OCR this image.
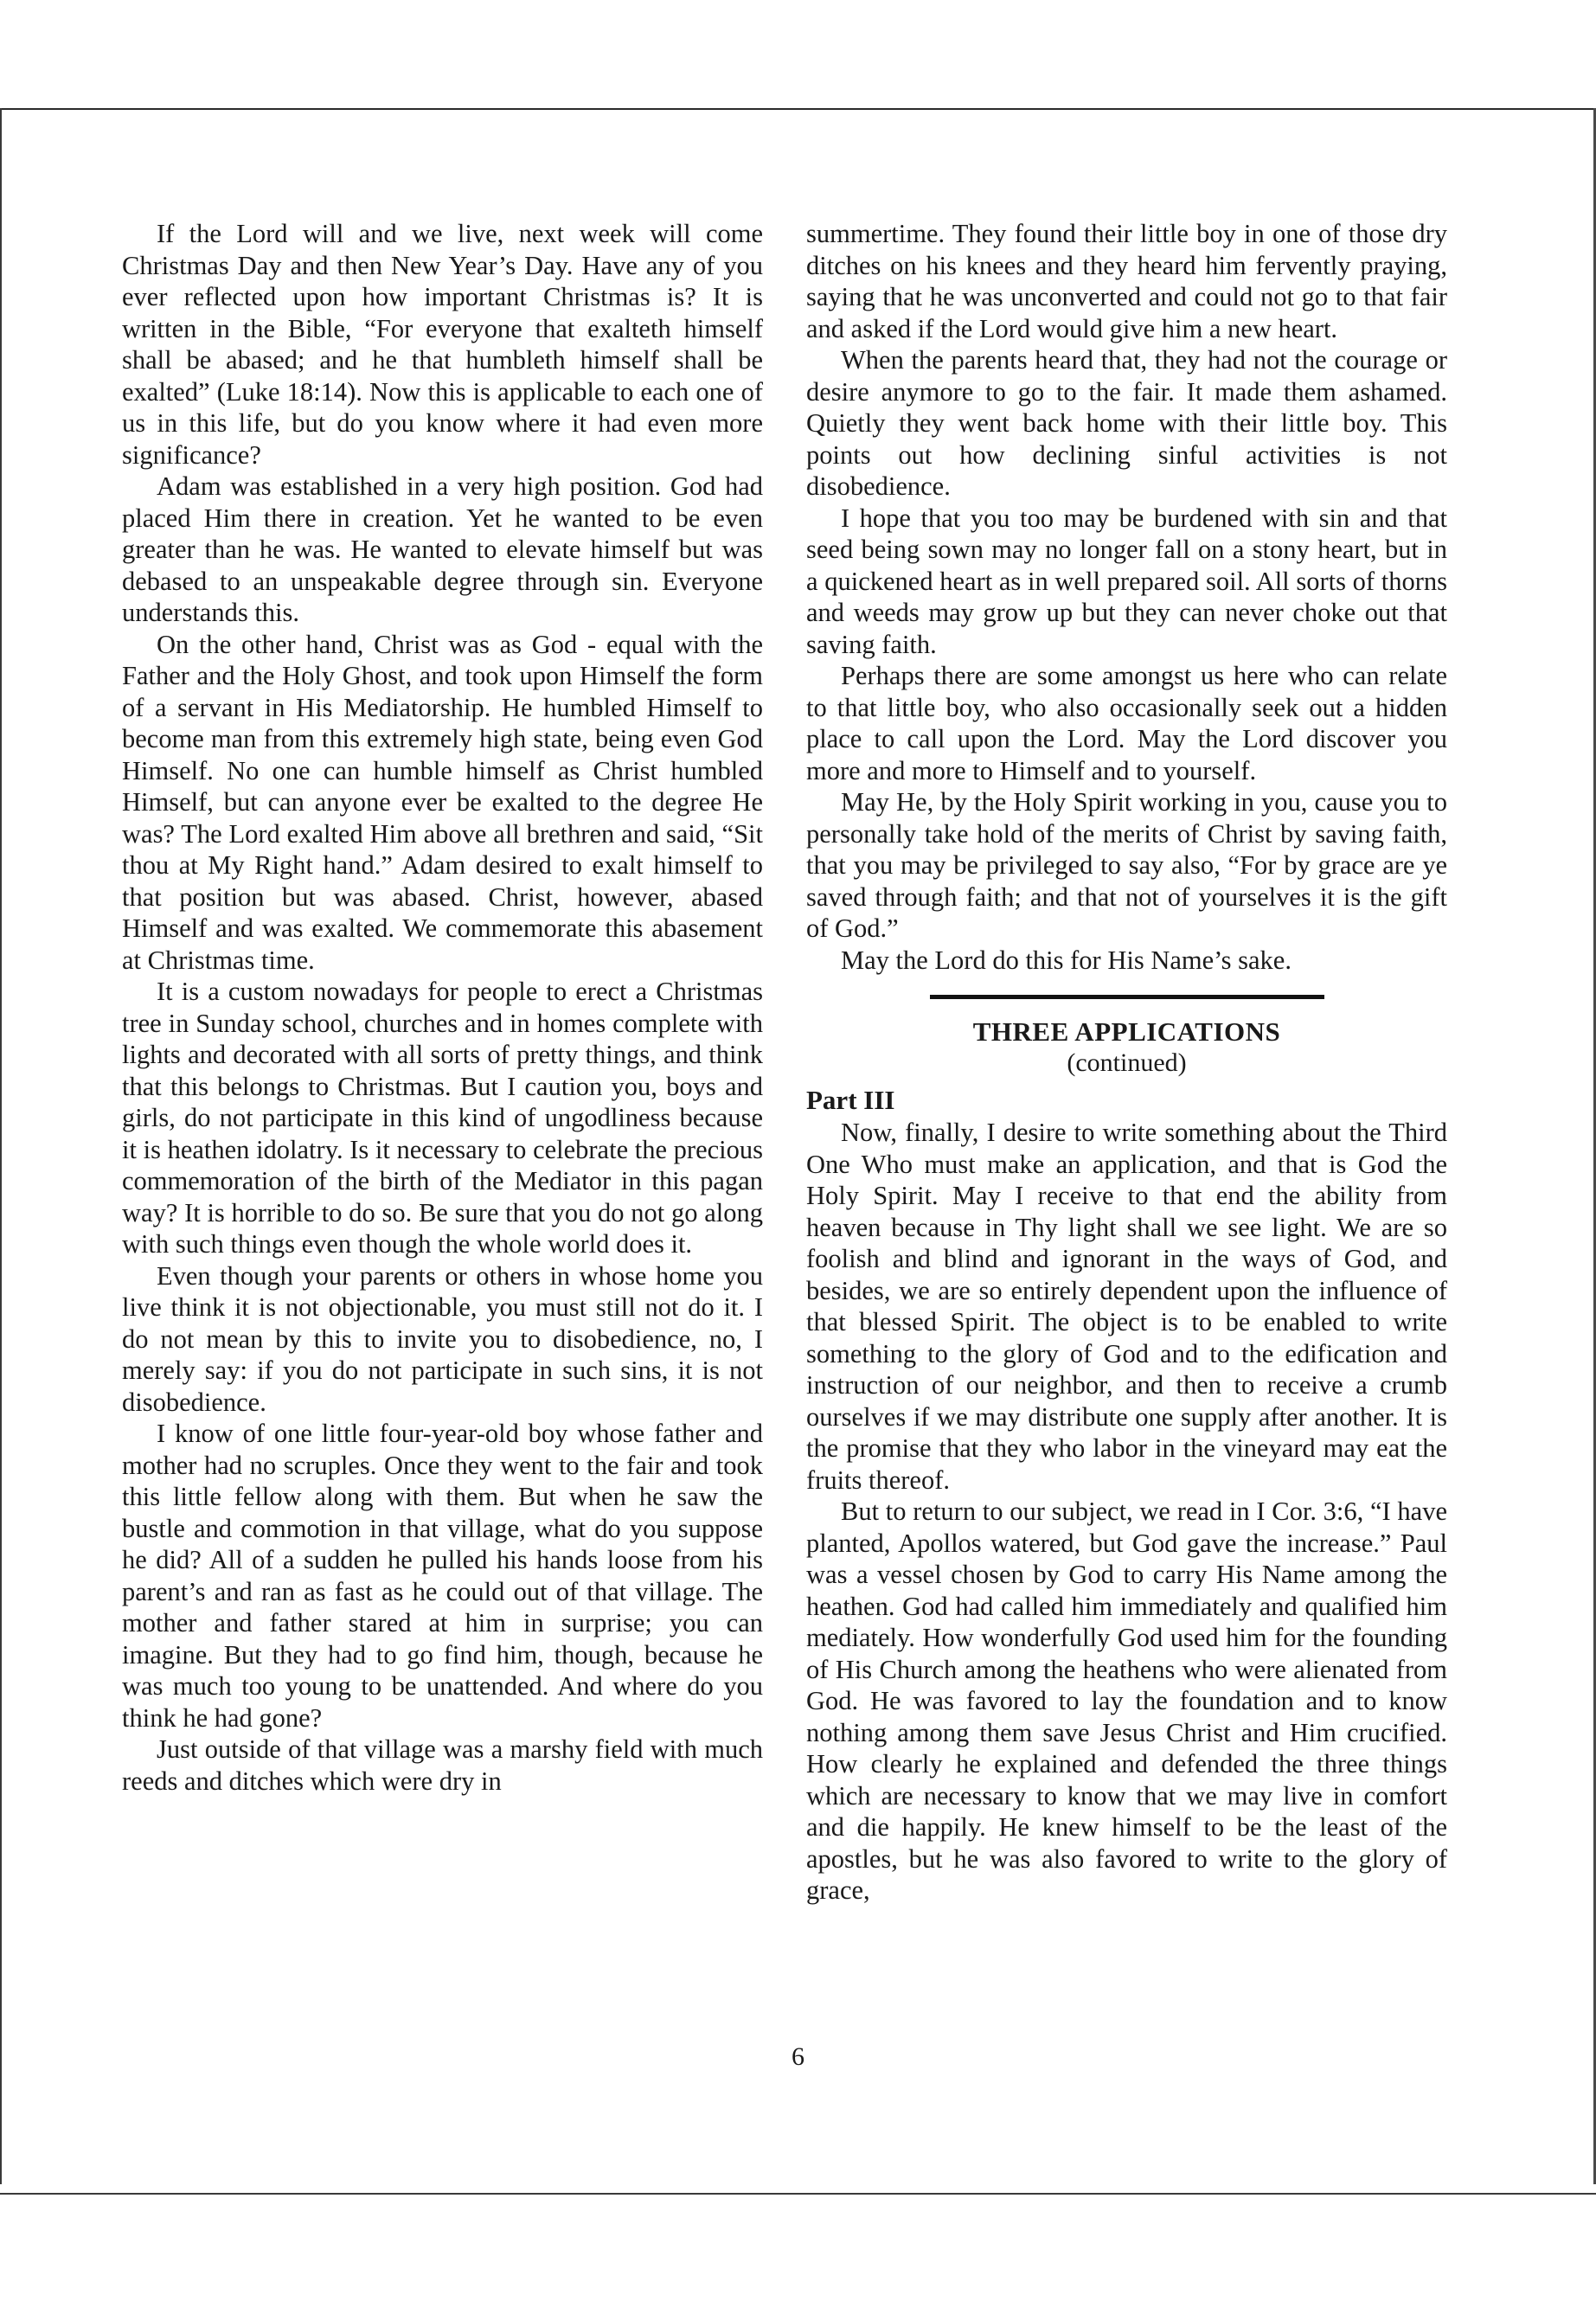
If the Lord will and we live, next week will come Christmas Day and then New Year’s Day. Have any of you ever reflected upon how important Christmas is? It is written in the Bible, “For everyone that exalteth himself shall be abased; and he that humbleth himself shall be exalted” (Luke 18:14). Now this is applicable to each one of us in this life, but do you know where it had even more significance?

Adam was established in a very high position. God had placed Him there in creation. Yet he wanted to be even greater than he was. He wanted to elevate himself but was debased to an unspeakable degree through sin. Everyone understands this.

On the other hand, Christ was as God - equal with the Father and the Holy Ghost, and took upon Himself the form of a servant in His Mediatorship. He humbled Himself to become man from this extremely high state, being even God Himself. No one can humble himself as Christ humbled Himself, but can anyone ever be exalted to the degree He was? The Lord exalted Him above all brethren and said, “Sit thou at My Right hand.” Adam desired to exalt himself to that position but was abased. Christ, however, abased Himself and was exalted. We commemorate this abasement at Christmas time.

It is a custom nowadays for people to erect a Christmas tree in Sunday school, churches and in homes complete with lights and decorated with all sorts of pretty things, and think that this belongs to Christmas. But I caution you, boys and girls, do not participate in this kind of ungodliness because it is heathen idolatry. Is it necessary to celebrate the precious commemoration of the birth of the Mediator in this pagan way? It is horrible to do so. Be sure that you do not go along with such things even though the whole world does it.

Even though your parents or others in whose home you live think it is not objectionable, you must still not do it. I do not mean by this to invite you to disobedience, no, I merely say: if you do not participate in such sins, it is not disobedience.

I know of one little four-year-old boy whose father and mother had no scruples. Once they went to the fair and took this little fellow along with them. But when he saw the bustle and commotion in that village, what do you suppose he did? All of a sudden he pulled his hands loose from his parent’s and ran as fast as he could out of that village. The mother and father stared at him in surprise; you can imagine. But they had to go find him, though, because he was much too young to be unattended. And where do you think he had gone?

Just outside of that village was a marshy field with much reeds and ditches which were dry in

summertime. They found their little boy in one of those dry ditches on his knees and they heard him fervently praying, saying that he was unconverted and could not go to that fair and asked if the Lord would give him a new heart.

When the parents heard that, they had not the courage or desire anymore to go to the fair. It made them ashamed. Quietly they went back home with their little boy. This points out how declining sinful activities is not disobedience.

I hope that you too may be burdened with sin and that seed being sown may no longer fall on a stony heart, but in a quickened heart as in well prepared soil. All sorts of thorns and weeds may grow up but they can never choke out that saving faith.

Perhaps there are some amongst us here who can relate to that little boy, who also occasionally seek out a hidden place to call upon the Lord. May the Lord discover you more and more to Himself and to yourself.

May He, by the Holy Spirit working in you, cause you to personally take hold of the merits of Christ by saving faith, that you may be privileged to say also, “For by grace are ye saved through faith; and that not of yourselves it is the gift of God.”

May the Lord do this for His Name’s sake.

THREE APPLICATIONS
(continued)
Part III

Now, finally, I desire to write something about the Third One Who must make an application, and that is God the Holy Spirit. May I receive to that end the ability from heaven because in Thy light shall we see light. We are so foolish and blind and ignorant in the ways of God, and besides, we are so entirely dependent upon the influence of that blessed Spirit. The object is to be enabled to write something to the glory of God and to the edification and instruction of our neighbor, and then to receive a crumb ourselves if we may distribute one supply after another. It is the promise that they who labor in the vineyard may eat the fruits thereof.

But to return to our subject, we read in I Cor. 3:6, “I have planted, Apollos watered, but God gave the increase.” Paul was a vessel chosen by God to carry His Name among the heathen. God had called him immediately and qualified him mediately. How wonderfully God used him for the founding of His Church among the heathens who were alienated from God. He was favored to lay the foundation and to know nothing among them save Jesus Christ and Him crucified. How clearly he explained and defended the three things which are necessary to know that we may live in comfort and die happily. He knew himself to be the least of the apostles, but he was also favored to write to the glory of grace,

6
